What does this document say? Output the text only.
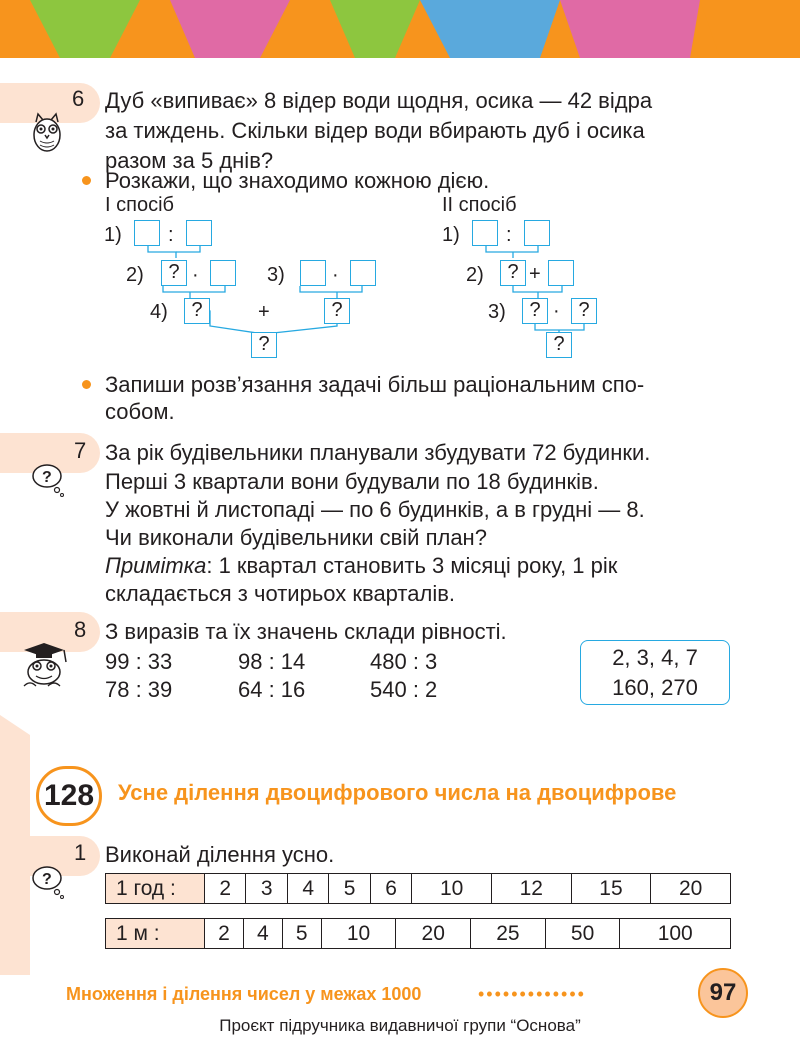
6 Дуб «випиває» 8 відер води щодня, осика — 42 відра
за тиждень. Скільки відер води вбирають дуб і осика
разом за 5 днів?
Розкажи, що знаходимо кожною дією.
І спосіб	ІІ спосіб
1) :
2)	? ·	3) ·
4)	?	+	?
?
1) :
2)	? +
3)	? · ?
?
Запиши розв’язання задачі більш раціональним спо-
собом.
7
?
За рік будівельники планували збудувати 72 будинки.
Перші 3 квартали вони будували по 18 будинків.
У жовтні й листопаді — по 6 будинків, а в грудні — 8.
Чи виконали будівельники свій план?
Примітка: 1 квартал становить 3 місяці року, 1 рік
складається з чотирьох кварталів.
8 З виразів та їх значень склади рівності.
99 : 33	98 : 14	480 : 3
78 : 39	64 : 16	540 : 2
2, 3, 4, 7
160, 270
128	Усне ділення двоцифрового числа на двоцифрове
1
?
Виконай ділення усно.
1 год :	2	3	4	5	6	10	12	15	20
1 м :	2	4	5	10	20	25	50	100
Множення і ділення чисел у межах 1000	•••••••••••••	97
Проєкт підручника видавничої групи “Основа”
